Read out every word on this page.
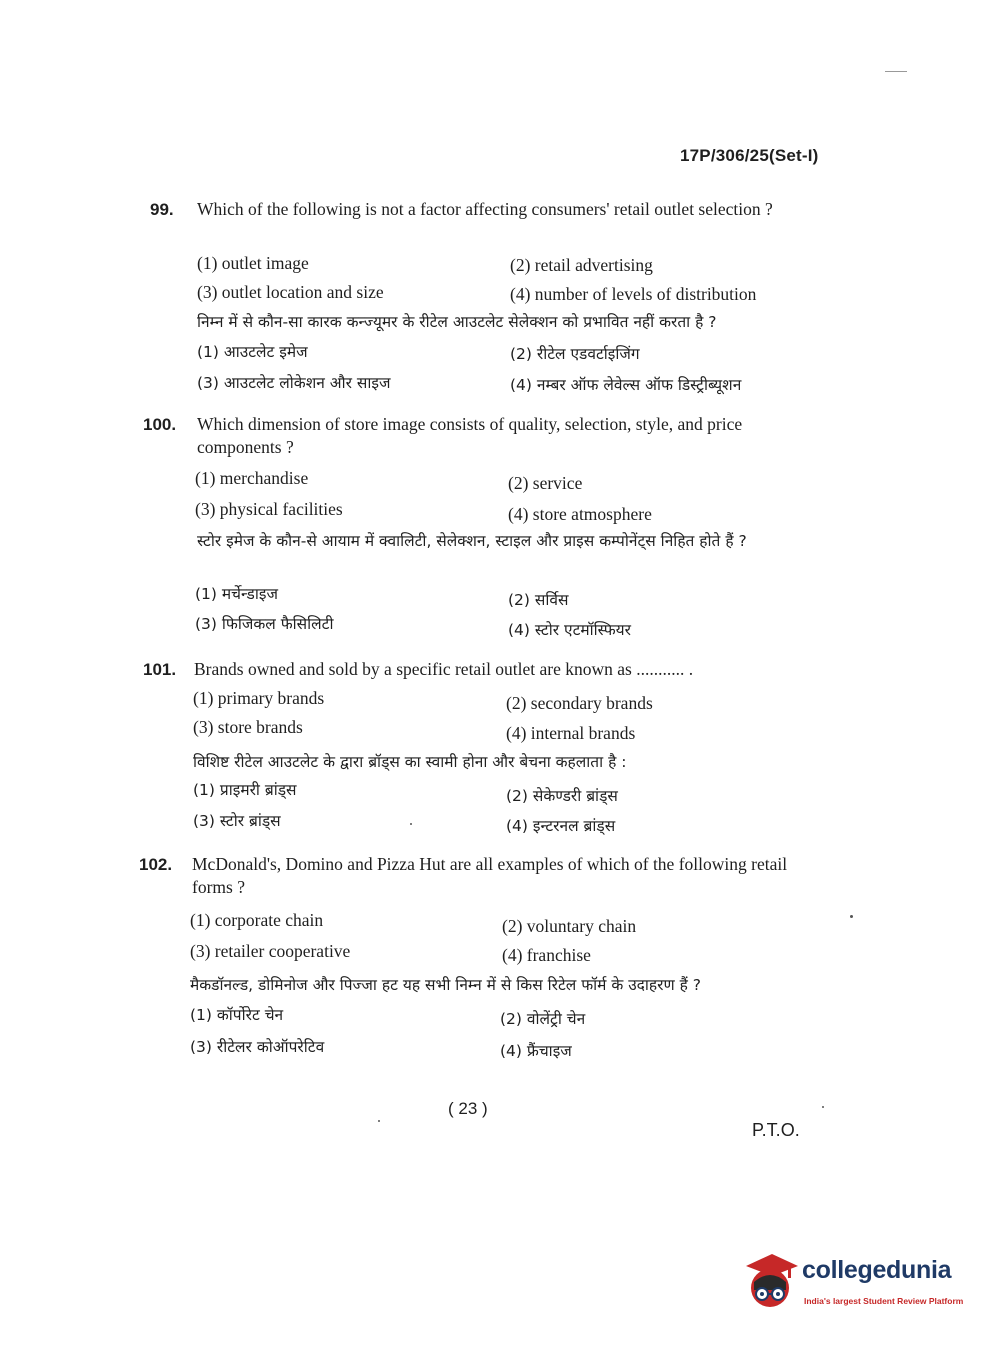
17P/306/25(Set-I)
99.	Which of the following is not a factor affecting consumers' retail outlet selection ?
(1) outlet image	(2) retail advertising
(3) outlet location and size	(4) number of levels of distribution
निम्न में से कौन-सा कारक कन्ज्यूमर के रीटेल आउटलेट सेलेक्शन को प्रभावित नहीं करता है ?
(1) आउटलेट इमेज	(2) रीटेल एडवर्टाइजिंग
(3) आउटलेट लोकेशन और साइज	(4) नम्बर ऑफ लेवेल्स ऑफ डिस्ट्रीब्यूशन
100.	Which dimension of store image consists of quality, selection, style, and price components ?
(1) merchandise	(2) service
(3) physical facilities	(4) store atmosphere
स्टोर इमेज के कौन-से आयाम में क्वालिटी, सेलेक्शन, स्टाइल और प्राइस कम्पोनेंट्स निहित होते हैं ?
(1) मर्चेन्डाइज	(2) सर्विस
(3) फिजिकल फैसिलिटी	(4) स्टोर एटमॉस्फियर
101.	Brands owned and sold by a specific retail outlet are known as ........... .
(1) primary brands	(2) secondary brands
(3) store brands	(4) internal brands
विशिष्ट रीटेल आउटलेट के द्वारा ब्रॉड्स का स्वामी होना और बेचना कहलाता है :
(1) प्राइमरी ब्रांड्स	(2) सेकेण्डरी ब्रांड्स
(3) स्टोर ब्रांड्स	(4) इन्टरनल ब्रांड्स
102.	McDonald's, Domino and Pizza Hut are all examples of which of the following retail forms ?
(1) corporate chain	(2) voluntary chain
(3) retailer cooperative	(4) franchise
मैकडॉनल्ड, डोमिनोज और पिज्जा हट यह सभी निम्न में से किस रिटेल फॉर्म के उदाहरण हैं ?
(1) कॉर्पोरेट चेन	(2) वोलेंट्री चेन
(3) रीटेलर कोऑपरेटिव	(4) फ्रैंचाइज
( 23 )
P.T.O.
collegedunia
India's largest Student Review Platform
